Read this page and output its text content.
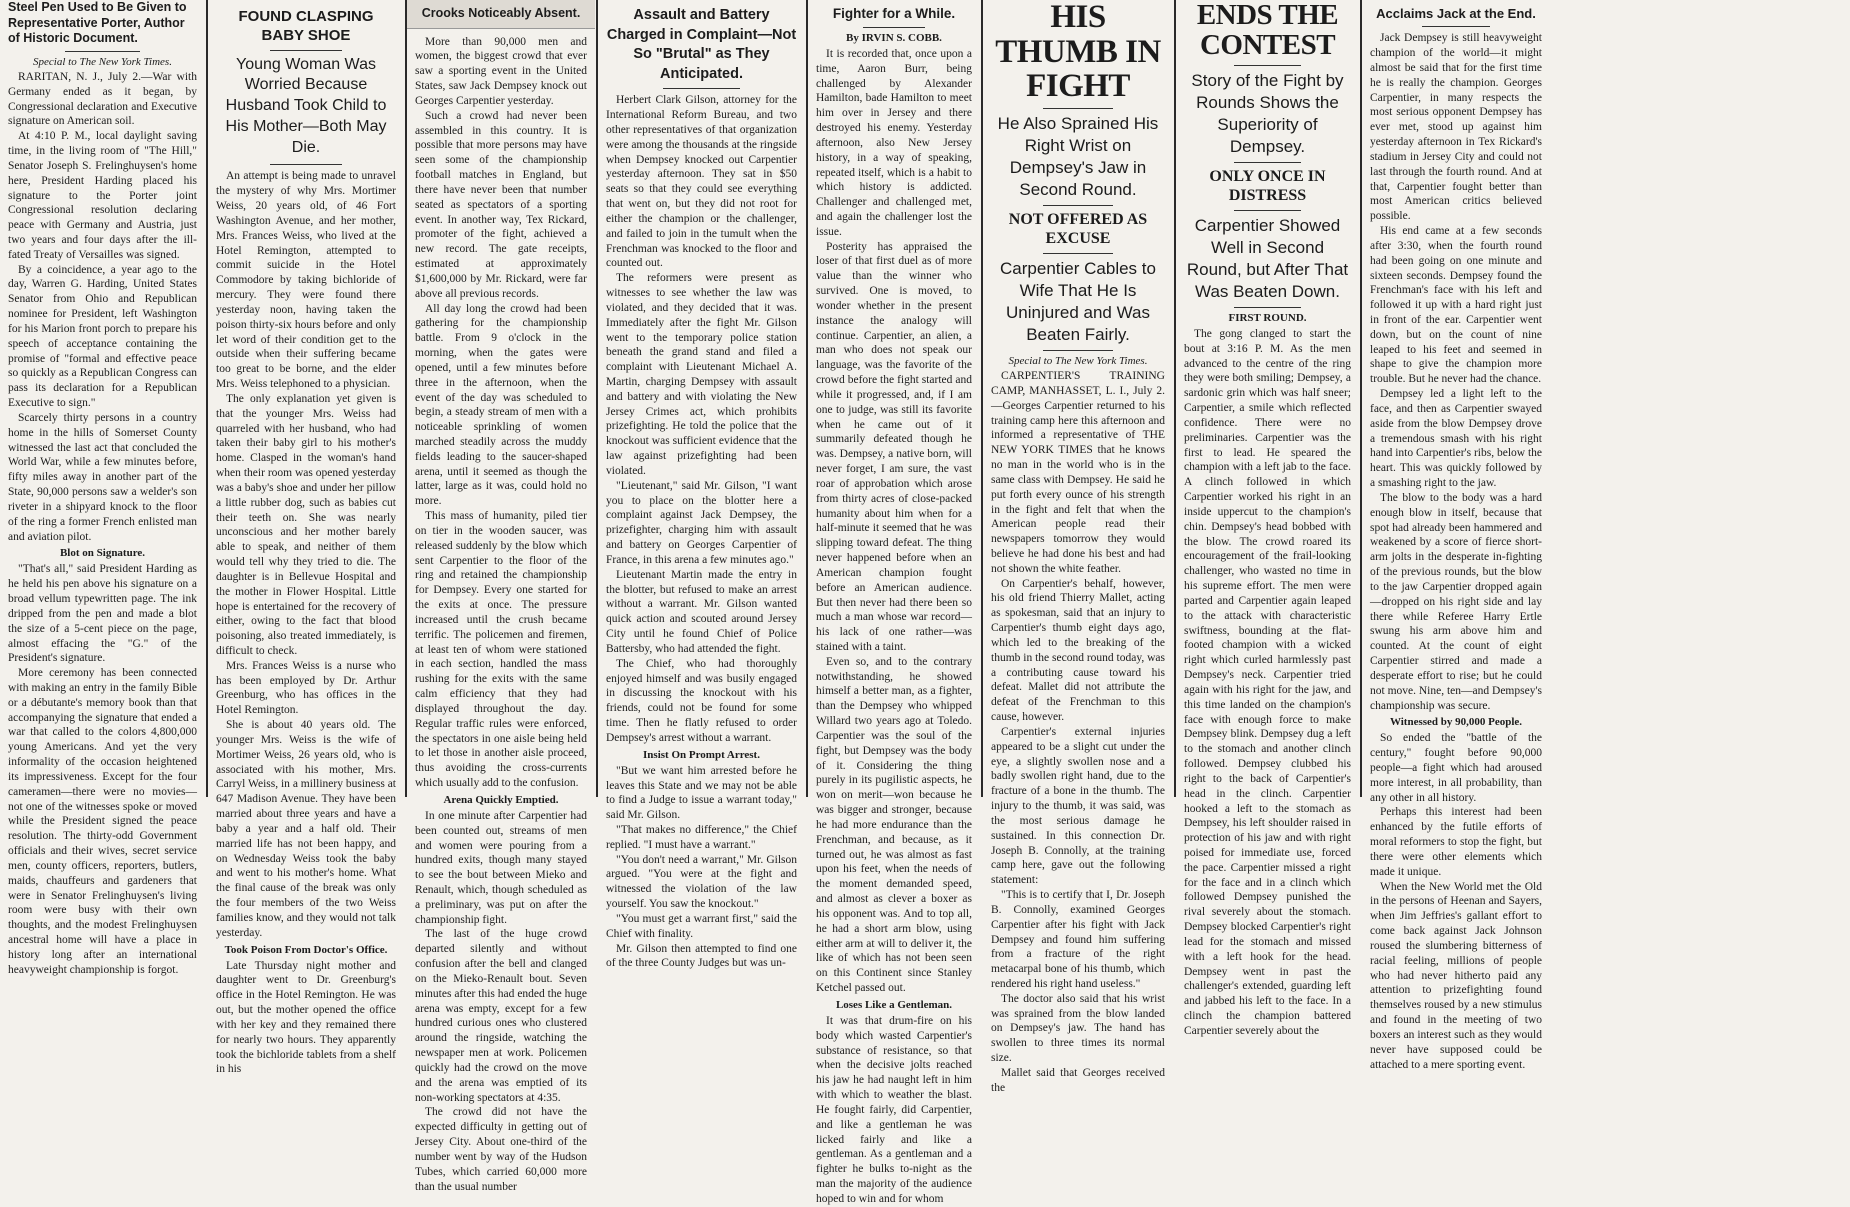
Steel Pen Used to Be Given to Representative Porter, Author of Historic Document.
Special to The New York Times.

RARITAN, N. J., July 2.—War with Germany ended as it began, by Congressional declaration and Executive signature on American soil.

At 4:10 P. M., local daylight saving time, in the living room of "The Hill," Senator Joseph S. Frelinghuysen's home here, President Harding placed his signature to the Porter joint Congressional resolution declaring peace with Germany and Austria, just two years and four days after the ill-fated Treaty of Versailles was signed.

By a coincidence, a year ago to the day, Warren G. Harding, United States Senator from Ohio and Republican nominee for President, left Washington for his Marion front porch to prepare his speech of acceptance containing the promise of "formal and effective peace so quickly as a Republican Congress can pass its declaration for a Republican Executive to sign."

Scarcely thirty persons in a country home in the hills of Somerset County witnessed the last act that concluded the World War, while a few minutes before, fifty miles away in another part of the State, 90,000 persons saw a welder's son riveter in a shipyard knock to the floor of the ring a former French enlisted man and aviation pilot.

Blot on Signature.

"That's all," said President Harding as he held his pen above his signature on a broad vellum typewritten page. The ink dripped from the pen and made a blot the size of a 5-cent piece on the page, almost effacing the "G." of the President's signature.

More ceremony has been connected with making an entry in the family Bible or a débutante's memory book than that accompanying the signature that ended a war that called to the colors 4,800,000 young Americans. And yet the very informality of the occasion heightened its impressiveness. Except for the four cameramen—there were no movies—not one of the witnesses spoke or moved while the President signed the peace resolution. The thirty-odd Government officials and their wives, secret service men, county officers, reporters, butlers, maids, chauffeurs and gardeners that were in Senator Frelinghuysen's living room were busy with their own thoughts, and the modest Frelinghuysen ancestral home will have a place in history long after an international heavyweight championship is forgot.

FOUND CLASPING BABY SHOE
Young Woman Was Worried Because Husband Took Child to His Mother—Both May Die.

An attempt is being made to unravel the mystery of why Mrs. Mortimer Weiss, 20 years old, of 46 Fort Washington Avenue, and her mother, Mrs. Frances Weiss, who lived at the Hotel Remington, attempted to commit suicide in the Hotel Commodore by taking bichloride of mercury. They were found there yesterday noon, having taken the poison thirty-six hours before and only let word of their condition get to the outside when their suffering became too great to be borne, and the elder Mrs. Weiss telephoned to a physician.

The only explanation yet given is that the younger Mrs. Weiss had quarreled with her husband, who had taken their baby girl to his mother's home. Clasped in the woman's hand when their room was opened yesterday was a baby's shoe and under her pillow a little rubber dog, such as babies cut their teeth on. She was nearly unconscious and her mother barely able to speak, and neither of them would tell why they tried to die. The daughter is in Bellevue Hospital and the mother in Flower Hospital. Little hope is entertained for the recovery of either, owing to the fact that blood poisoning, also treated immediately, is difficult to check.

Mrs. Frances Weiss is a nurse who has been employed by Dr. Arthur Greenburg, who has offices in the Hotel Remington.

She is about 40 years old. The younger Mrs. Weiss is the wife of Mortimer Weiss, 26 years old, who is associated with his mother, Mrs. Carryl Weiss, in a millinery business at 647 Madison Avenue. They have been married about three years and have a baby a year and a half old. Their married life has not been happy, and on Wednesday Weiss took the baby and went to his mother's home. What the final cause of the break was only the four members of the two Weiss families know, and they would not talk yesterday.

Took Poison From Doctor's Office.

Late Thursday night mother and daughter went to Dr. Greenburg's office in the Hotel Remington. He was out, but the mother opened the office with her key and they remained there for nearly two hours. They apparently took the bichloride tablets from a shelf in his

Crooks Noticeably Absent.

More than 90,000 men and women, the biggest crowd that ever saw a sporting event in the United States, saw Jack Dempsey knock out Georges Carpentier yesterday.

Such a crowd had never been assembled in this country. It is possible that more persons may have seen some of the championship football matches in England, but there have never been that number seated as spectators of a sporting event. In another way, Tex Rickard, promoter of the fight, achieved a new record. The gate receipts, estimated at approximately $1,600,000 by Mr. Rickard, were far above all previous records.

All day long the crowd had been gathering for the championship battle. From 9 o'clock in the morning, when the gates were opened, until a few minutes before three in the afternoon, when the event of the day was scheduled to begin, a steady stream of men with a noticeable sprinkling of women marched steadily across the muddy fields leading to the saucer-shaped arena, until it seemed as though the latter, large as it was, could hold no more.

This mass of humanity, piled tier on tier in the wooden saucer, was released suddenly by the blow which sent Carpentier to the floor of the ring and retained the championship for Dempsey. Every one started for the exits at once. The pressure increased until the crush became terrific. The policemen and firemen, at least ten of whom were stationed in each section, handled the mass rushing for the exits with the same calm efficiency that they had displayed throughout the day. Regular traffic rules were enforced, the spectators in one aisle being held to let those in another aisle proceed, thus avoiding the cross-currents which usually add to the confusion.

Arena Quickly Emptied.

In one minute after Carpentier had been counted out, streams of men and women were pouring from a hundred exits, though many stayed to see the bout between Mieko and Renault, which, though scheduled as a preliminary, was put on after the championship fight.

The last of the huge crowd departed silently and without confusion after the bell and clanged on the Mieko-Renault bout. Seven minutes after this had ended the huge arena was empty, except for a few hundred curious ones who clustered around the ringside, watching the newspaper men at work. Policemen quickly had the crowd on the move and the arena was emptied of its non-working spectators at 4:35.

The crowd did not have the expected difficulty in getting out of Jersey City. About one-third of the number went by way of the Hudson Tubes, which carried 60,000 more than the usual number

Assault and Battery Charged in Complaint—Not So "Brutal" as They Anticipated.

Herbert Clark Gilson, attorney for the International Reform Bureau, and two other representatives of that organization were among the thousands at the ringside when Dempsey knocked out Carpentier yesterday afternoon. They sat in $50 seats so that they could see everything that went on, but they did not root for either the champion or the challenger, and failed to join in the tumult when the Frenchman was knocked to the floor and counted out.

The reformers were present as witnesses to see whether the law was violated, and they decided that it was. Immediately after the fight Mr. Gilson went to the temporary police station beneath the grand stand and filed a complaint with Lieutenant Michael A. Martin, charging Dempsey with assault and battery and with violating the New Jersey Crimes act, which prohibits prizefighting. He told the police that the knockout was sufficient evidence that the law against prizefighting had been violated.

"Lieutenant," said Mr. Gilson, "I want you to place on the blotter here a complaint against Jack Dempsey, the prizefighter, charging him with assault and battery on Georges Carpentier of France, in this arena a few minutes ago."

Lieutenant Martin made the entry in the blotter, but refused to make an arrest without a warrant. Mr. Gilson wanted quick action and scouted around Jersey City until he found Chief of Police Battersby, who had attended the fight.

The Chief, who had thoroughly enjoyed himself and was busily engaged in discussing the knockout with his friends, could not be found for some time. Then he flatly refused to order Dempsey's arrest without a warrant.

Insist On Prompt Arrest.

"But we want him arrested before he leaves this State and we may not be able to find a Judge to issue a warrant today," said Mr. Gilson.

"That makes no difference," the Chief replied. "I must have a warrant."

"You don't need a warrant," Mr. Gilson argued. "You were at the fight and witnessed the violation of the law yourself. You saw the knockout."

"You must get a warrant first," said the Chief with finality.

Mr. Gilson then attempted to find one of the three County Judges but was un-

Fighter for a While.
By IRVIN S. COBB.

It is recorded that, once upon a time, Aaron Burr, being challenged by Alexander Hamilton, bade Hamilton to meet him over in Jersey and there destroyed his enemy. Yesterday afternoon, also New Jersey history, in a way of speaking, repeated itself, which is a habit to which history is addicted. Challenger and challenged met, and again the challenger lost the issue.

Posterity has appraised the loser of that first duel as of more value than the winner who survived. One is moved, to wonder whether in the present instance the analogy will continue. Carpentier, an alien, a man who does not speak our language, was the favorite of the crowd before the fight started and while it progressed, and, if I am one to judge, was still its favorite when he came out of it summarily defeated though he was. Dempsey, a native born, will never forget, I am sure, the vast roar of approbation which arose from thirty acres of close-packed humanity about him when for a half-minute it seemed that he was slipping toward defeat. The thing never happened before when an American champion fought before an American audience. But then never had there been so much a man whose war record—his lack of one rather—was stained with a taint.

Even so, and to the contrary notwithstanding, he showed himself a better man, as a fighter, than the Dempsey who whipped Willard two years ago at Toledo. Carpentier was the soul of the fight, but Dempsey was the body of it. Considering the thing purely in its pugilistic aspects, he won on merit—won because he was bigger and stronger, because he had more endurance than the Frenchman, and because, as it turned out, he was almost as fast upon his feet, when the needs of the moment demanded speed, and almost as clever a boxer as his opponent was. And to top all, he had a short arm blow, using either arm at will to deliver it, the like of which has not been seen on this Continent since Stanley Ketchel passed out.

Loses Like a Gentleman.

It was that drum-fire on his body which wasted Carpentier's substance of resistance, so that when the decisive jolts reached his jaw he had naught left in him with which to weather the blast. He fought fairly, did Carpentier, and like a gentleman he was licked fairly and like a gentleman. As a gentleman and a fighter he bulks to-night as the man the majority of the audience hoped to win and for whom

HIS THUMB IN FIGHT
He Also Sprained His Right Wrist on Dempsey's Jaw in Second Round.
NOT OFFERED AS EXCUSE
Carpentier Cables to Wife That He Is Uninjured and Was Beaten Fairly.
Special to The New York Times.

CARPENTIER'S TRAINING CAMP, MANHASSET, L. I., July 2.—Georges Carpentier returned to his training camp here this afternoon and informed a representative of THE NEW YORK TIMES that he knows no man in the world who is in the same class with Dempsey. He said he put forth every ounce of his strength in the fight and felt that when the American people read their newspapers tomorrow they would believe he had done his best and had not shown the white feather.

On Carpentier's behalf, however, his old friend Thierry Mallet, acting as spokesman, said that an injury to Carpentier's thumb eight days ago, which led to the breaking of the thumb in the second round today, was a contributing cause toward his defeat. Mallet did not attribute the defeat of the Frenchman to this cause, however.

Carpentier's external injuries appeared to be a slight cut under the eye, a slightly swollen nose and a badly swollen right hand, due to the fracture of a bone in the thumb. The injury to the thumb, it was said, was the most serious damage he sustained. In this connection Dr. Joseph B. Connolly, at the training camp here, gave out the following statement:

"This is to certify that I, Dr. Joseph B. Connolly, examined Georges Carpentier after his fight with Jack Dempsey and found him suffering from a fracture of the right metacarpal bone of his thumb, which rendered his right hand useless."

The doctor also said that his wrist was sprained from the blow landed on Dempsey's jaw. The hand has swollen to three times its normal size.

Mallet said that Georges received the

ENDS THE CONTEST
Story of the Fight by Rounds Shows the Superiority of Dempsey.
ONLY ONCE IN DISTRESS
Carpentier Showed Well in Second Round, but After That Was Beaten Down.
FIRST ROUND.

The gong clanged to start the bout at 3:16 P. M. As the men advanced to the centre of the ring they were both smiling; Dempsey, a sardonic grin which was half sneer; Carpentier, a smile which reflected confidence. There were no preliminaries. Carpentier was the first to lead. He speared the champion with a left jab to the face. A clinch followed in which Carpentier worked his right in an inside uppercut to the champion's chin. Dempsey's head bobbed with the blow. The crowd roared its encouragement of the frail-looking challenger, who wasted no time in his supreme effort. The men were parted and Carpentier again leaped to the attack with characteristic swiftness, bounding at the flat-footed champion with a wicked right which curled harmlessly past Dempsey's neck. Carpentier tried again with his right for the jaw, and this time landed on the champion's face with enough force to make Dempsey blink. Dempsey dug a left to the stomach and another clinch followed. Dempsey clubbed his right to the back of Carpentier's head in the clinch. Carpentier hooked a left to the stomach as Dempsey, his left shoulder raised in protection of his jaw and with right poised for immediate use, forced the pace. Carpentier missed a right for the face and in a clinch which followed Dempsey punished the rival severely about the stomach. Dempsey blocked Carpentier's right lead for the stomach and missed with a left hook for the head. Dempsey went in past the challenger's extended, guarding left and jabbed his left to the face. In a clinch the champion battered Carpentier severely about the

Acclaims Jack at the End.

Jack Dempsey is still heavyweight champion of the world—it might almost be said that for the first time he is really the champion. Georges Carpentier, in many respects the most serious opponent Dempsey has ever met, stood up against him yesterday afternoon in Tex Rickard's stadium in Jersey City and could not last through the fourth round. And at that, Carpentier fought better than most American critics believed possible.

His end came at a few seconds after 3:30, when the fourth round had been going on one minute and sixteen seconds. Dempsey found the Frenchman's face with his left and followed it up with a hard right just in front of the ear. Carpentier went down, but on the count of nine leaped to his feet and seemed in shape to give the champion more trouble. But he never had the chance.

Dempsey led a light left to the face, and then as Carpentier swayed aside from the blow Dempsey drove a tremendous smash with his right hand into Carpentier's ribs, below the heart. This was quickly followed by a smashing right to the jaw.

The blow to the body was a hard enough blow in itself, because that spot had already been hammered and weakened by a score of fierce short-arm jolts in the desperate in-fighting of the previous rounds, but the blow to the jaw Carpentier dropped again—dropped on his right side and lay there while Referee Harry Ertle swung his arm above him and counted. At the count of eight Carpentier stirred and made a desperate effort to rise; but he could not move. Nine, ten—and Dempsey's championship was secure.

Witnessed by 90,000 People.

So ended the "battle of the century," fought before 90,000 people—a fight which had aroused more interest, in all probability, than any other in all history.

Perhaps this interest had been enhanced by the futile efforts of moral reformers to stop the fight, but there were other elements which made it unique.

When the New World met the Old in the persons of Heenan and Sayers, when Jim Jeffries's gallant effort to come back against Jack Johnson roused the slumbering bitterness of racial feeling, millions of people who had never hitherto paid any attention to prizefighting found themselves roused by a new stimulus and found in the meeting of two boxers an interest such as they would never have supposed could be attached to a mere sporting event.
